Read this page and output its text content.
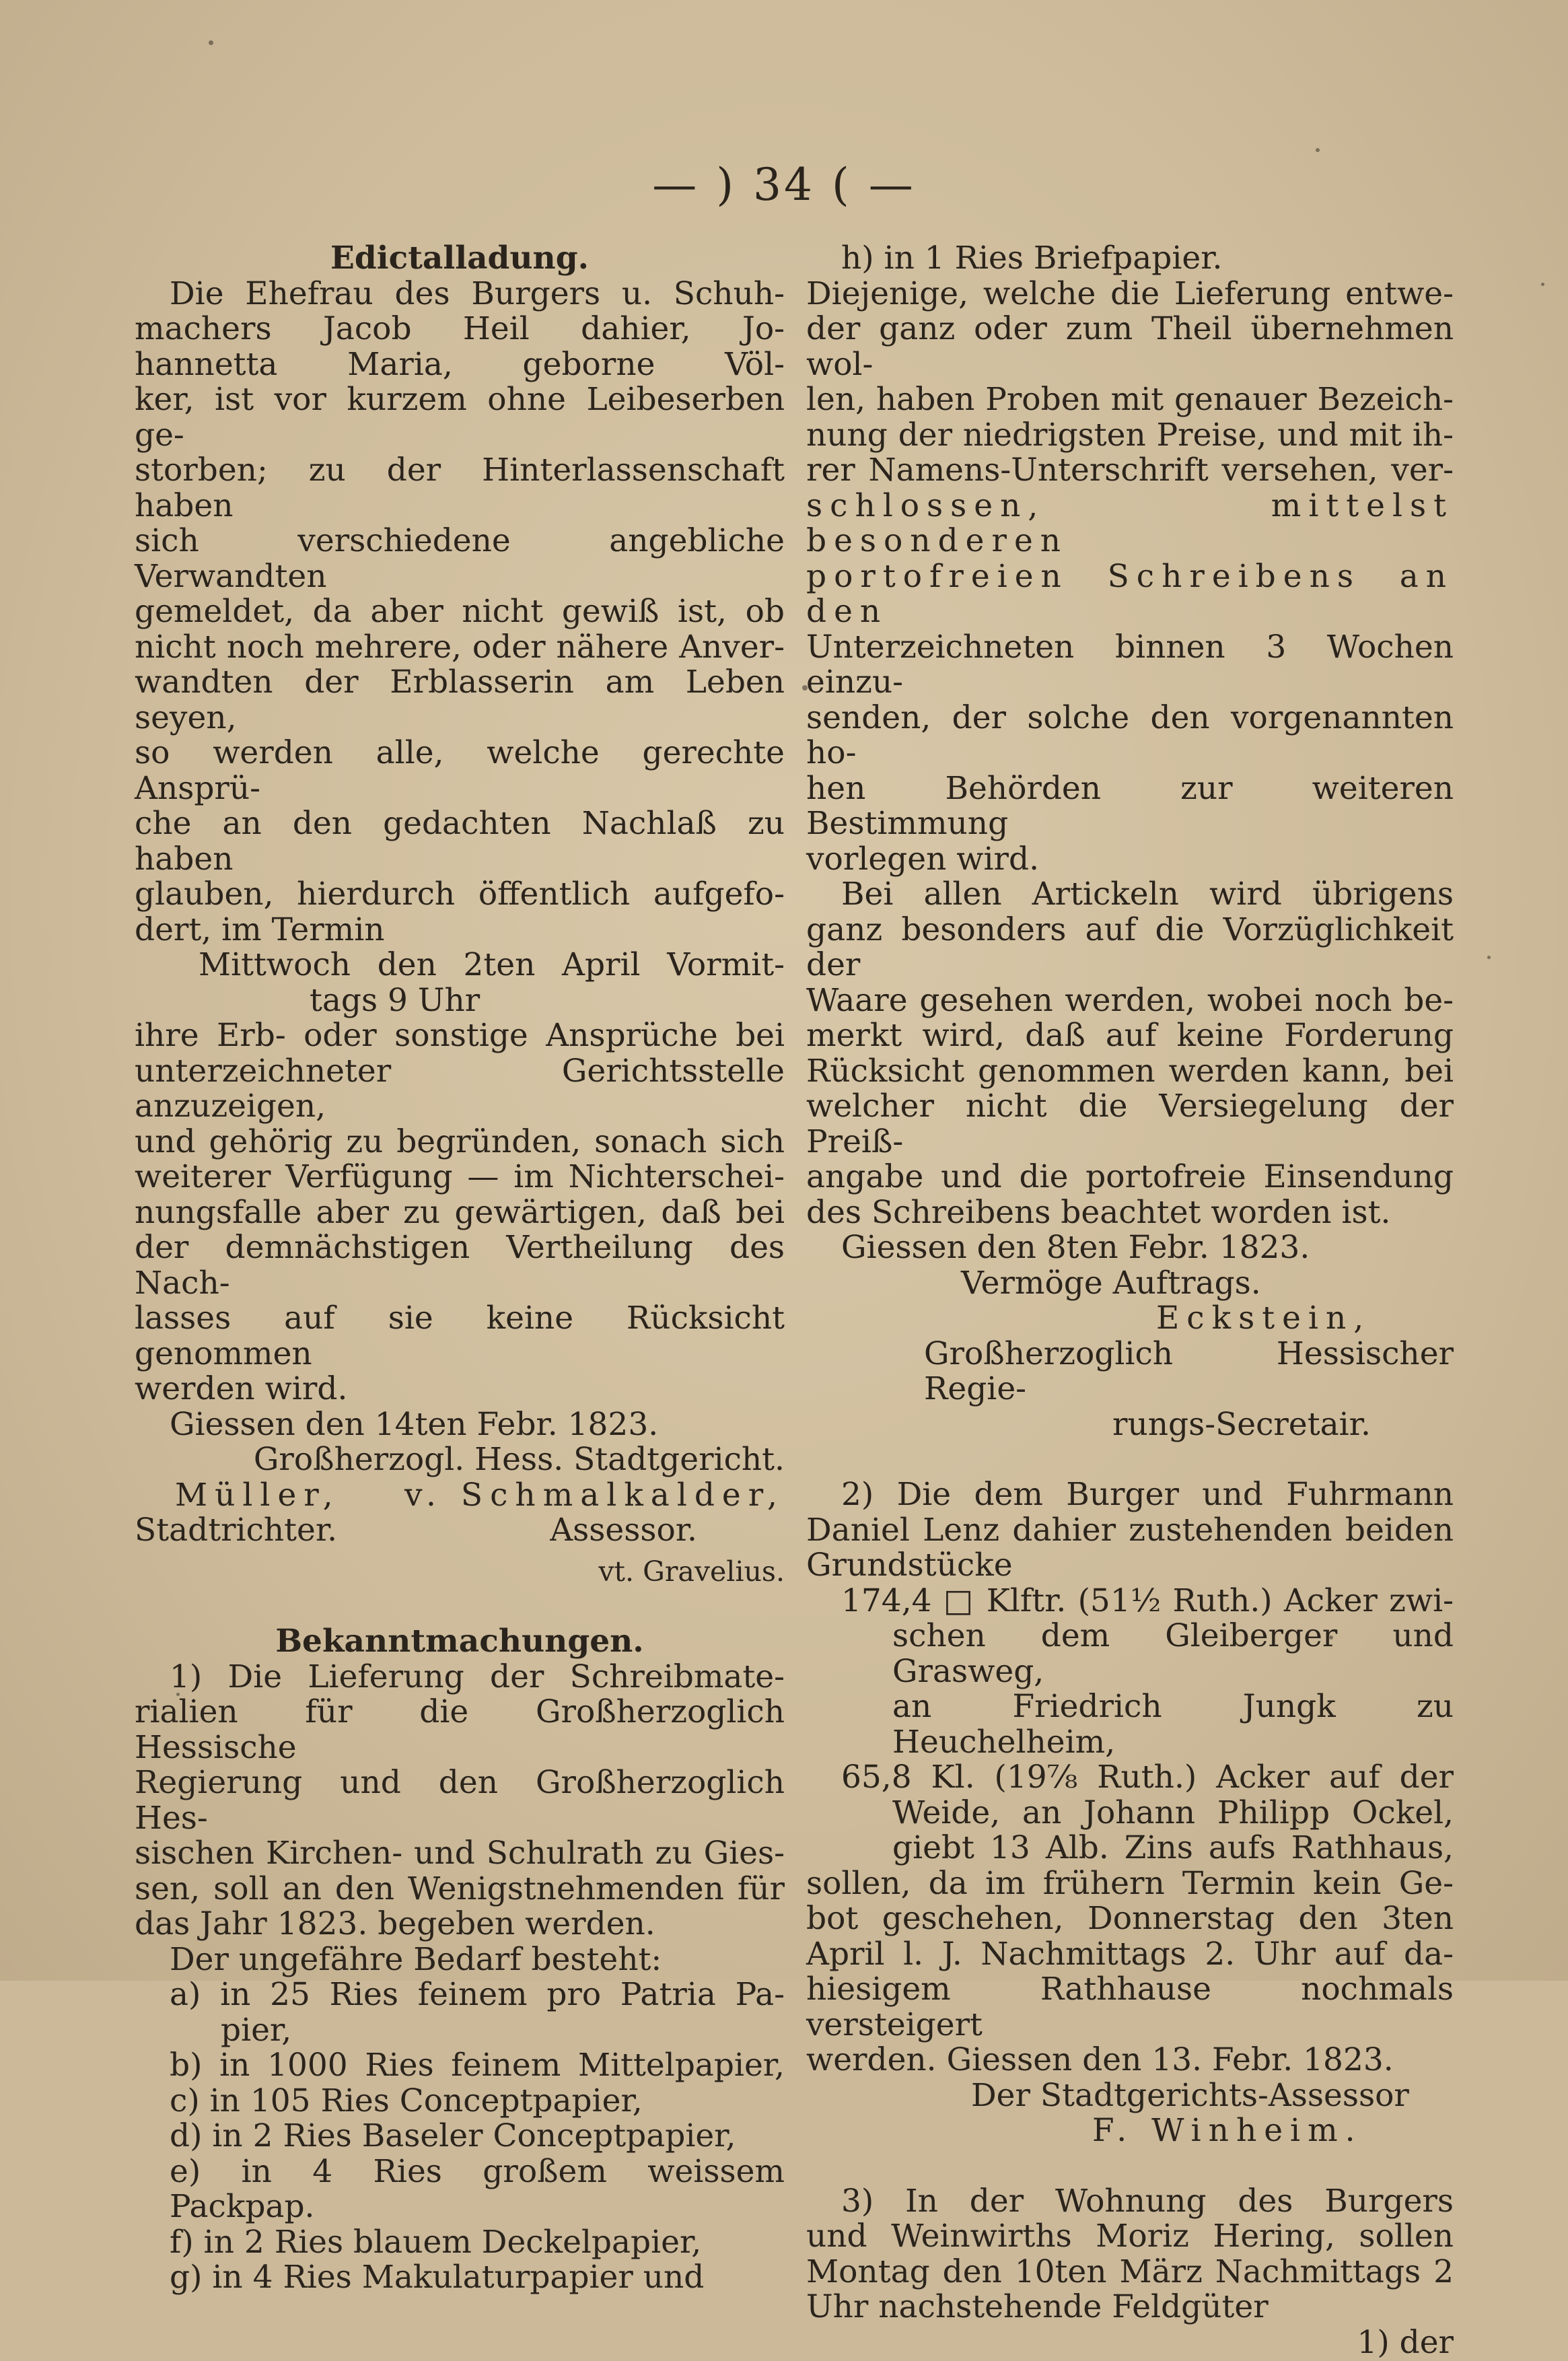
— ) 34 ( —

Edictalladung.

Die Ehefrau des Burgers u. Schuh-

machers Jacob Heil dahier, Jo-

hannetta Maria, geborne Völ-

ker, ist vor kurzem ohne Leibeserben ge-

storben; zu der Hinterlassenschaft haben

sich verschiedene angebliche Verwandten

gemeldet, da aber nicht gewiß ist, ob

nicht noch mehrere, oder nähere Anver-

wandten der Erblasserin am Leben seyen,

so werden alle, welche gerechte Ansprü-

che an den gedachten Nachlaß zu haben

glauben, hierdurch öffentlich aufgefo-

dert, im Termin

Mittwoch den 2ten April Vormit-

tags 9 Uhr

ihre Erb- oder sonstige Ansprüche bei

unterzeichneter Gerichtsstelle anzuzeigen,

und gehörig zu begründen, sonach sich

weiterer Verfügung — im Nichterschei-

nungsfalle aber zu gewärtigen, daß bei

der demnächstigen Vertheilung des Nach-

lasses auf sie keine Rücksicht genommen

werden wird.

Giessen den 14ten Febr. 1823.

Großherzogl. Hess. Stadtgericht.

Müller, v. Schmalkalder,
Stadtrichter.	Assessor.

vt. Gravelius.

Bekanntmachungen.

1) Die Lieferung der Schreibmate-

rialien für die Großherzoglich Hessische

Regierung und den Großherzoglich Hes-

sischen Kirchen- und Schulrath zu Gies-

sen, soll an den Wenigstnehmenden für

das Jahr 1823. begeben werden.

Der ungefähre Bedarf besteht:

a) in 25 Ries feinem pro Patria Pa-

pier,

b) in 1000 Ries feinem Mittelpapier,

c) in 105 Ries Conceptpapier,

d) in 2 Ries Baseler Conceptpapier,

e) in 4 Ries großem weissem Packpap.

f) in 2 Ries blauem Deckelpapier,

g) in 4 Ries Makulaturpapier und

h) in 1 Ries Briefpapier.

Diejenige, welche die Lieferung entwe-

der ganz oder zum Theil übernehmen wol-

len, haben Proben mit genauer Bezeich-

nung der niedrigsten Preise, und mit ih-

rer Namens-Unterschrift versehen, ver-

schlossen, mittelst besonderen

portofreien Schreibens an den

Unterzeichneten binnen 3 Wochen einzu-

senden, der solche den vorgenannten ho-

hen Behörden zur weiteren Bestimmung

vorlegen wird.

Bei allen Artickeln wird übrigens

ganz besonders auf die Vorzüglichkeit der

Waare gesehen werden, wobei noch be-

merkt wird, daß auf keine Forderung

Rücksicht genommen werden kann, bei

welcher nicht die Versiegelung der Preiß-

angabe und die portofreie Einsendung

des Schreibens beachtet worden ist.

Giessen den 8ten Febr. 1823.

Vermöge Auftrags.

Eckstein,

Großherzoglich Hessischer Regie-

rungs-Secretair.

2) Die dem Burger und Fuhrmann

Daniel Lenz dahier zustehenden beiden

Grundstücke

174,4 □ Klftr. (51½ Ruth.) Acker zwi-

schen dem Gleiberger und Grasweg,

an Friedrich Jungk zu Heuchelheim,

65,8 Kl. (19⅞ Ruth.) Acker auf der

Weide, an Johann Philipp Ockel,

giebt 13 Alb. Zins aufs Rathhaus,

sollen, da im frühern Termin kein Ge-

bot geschehen, Donnerstag den 3ten

April l. J. Nachmittags 2. Uhr auf da-

hiesigem Rathhause nochmals versteigert

werden. Giessen den 13. Febr. 1823.

Der Stadtgerichts-Assessor

F. Winheim.

3) In der Wohnung des Burgers

und Weinwirths Moriz Hering, sollen

Montag den 10ten März Nachmittags 2

Uhr nachstehende Feldgüter

1) der
